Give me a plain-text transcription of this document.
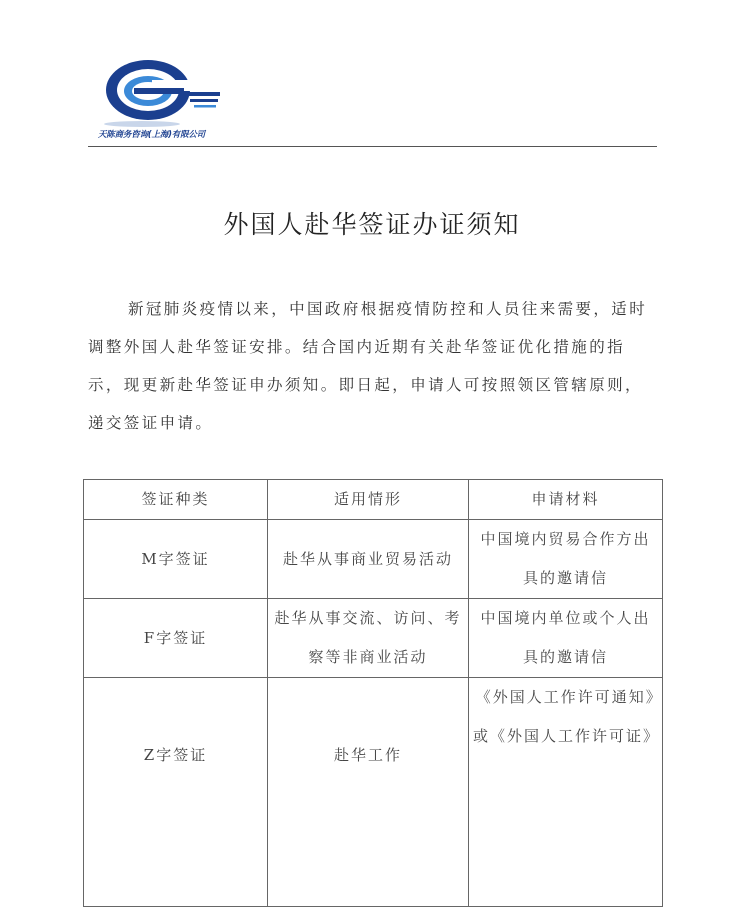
天陈商务咨询(上海)有限公司
外国人赴华签证办证须知

新冠肺炎疫情以来，中国政府根据疫情防控和人员往来需要，适时调整外国人赴华签证安排。结合国内近期有关赴华签证优化措施的指示，现更新赴华签证申办须知。即日起，申请人可按照领区管辖原则，递交签证申请。

签证种类	适用情形	申请材料
M字签证	赴华从事商业贸易活动	中国境内贸易合作方出具的邀请信
F字签证	赴华从事交流、访问、考察等非商业活动	中国境内单位或个人出具的邀请信
Z字签证	赴华工作	《外国人工作许可通知》或《外国人工作许可证》
